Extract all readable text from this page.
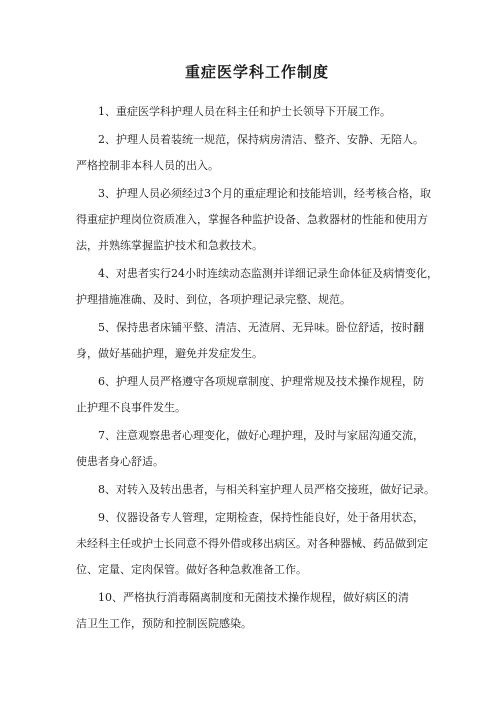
重症医学科工作制度

1、重症医学科护理人员在科主任和护士长领导下开展工作。

2、护理人员着装统一规范，保持病房清洁、整齐、安静、无陪人。
严格控制非本科人员的出入。

3、护理人员必须经过3个月的重症理论和技能培训，经考核合格，取
得重症护理岗位资质准入，掌握各种监护设备、急救器材的性能和使用方
法，并熟练掌握监护技术和急救技术。

4、对患者实行24小时连续动态监测并详细记录生命体征及病情变化，
护理措施准确、及时、到位，各项护理记录完整、规范。

5、保持患者床铺平整、清洁、无渣屑、无异味。卧位舒适，按时翻
身，做好基础护理，避免并发症发生。

6、护理人员严格遵守各项规章制度、护理常规及技术操作规程，防
止护理不良事件发生。

7、注意观察患者心理变化，做好心理护理，及时与家屈沟通交流，
使患者身心舒适。

8、对转入及转出患者，与相关科室护理人员严格交接班，做好记录。

9、仪器设备专人管理，定期检查，保持性能良好，处于备用状态，
未经科主任或护士长同意不得外借或移出病区。对各种器械、药品做到定
位、定量、定肉保管。做好各种急救准备工作。

10、严格执行消毒隔离制度和无菌技术操作规程，做好病区的清
洁卫生工作，预防和控制医院感染。
